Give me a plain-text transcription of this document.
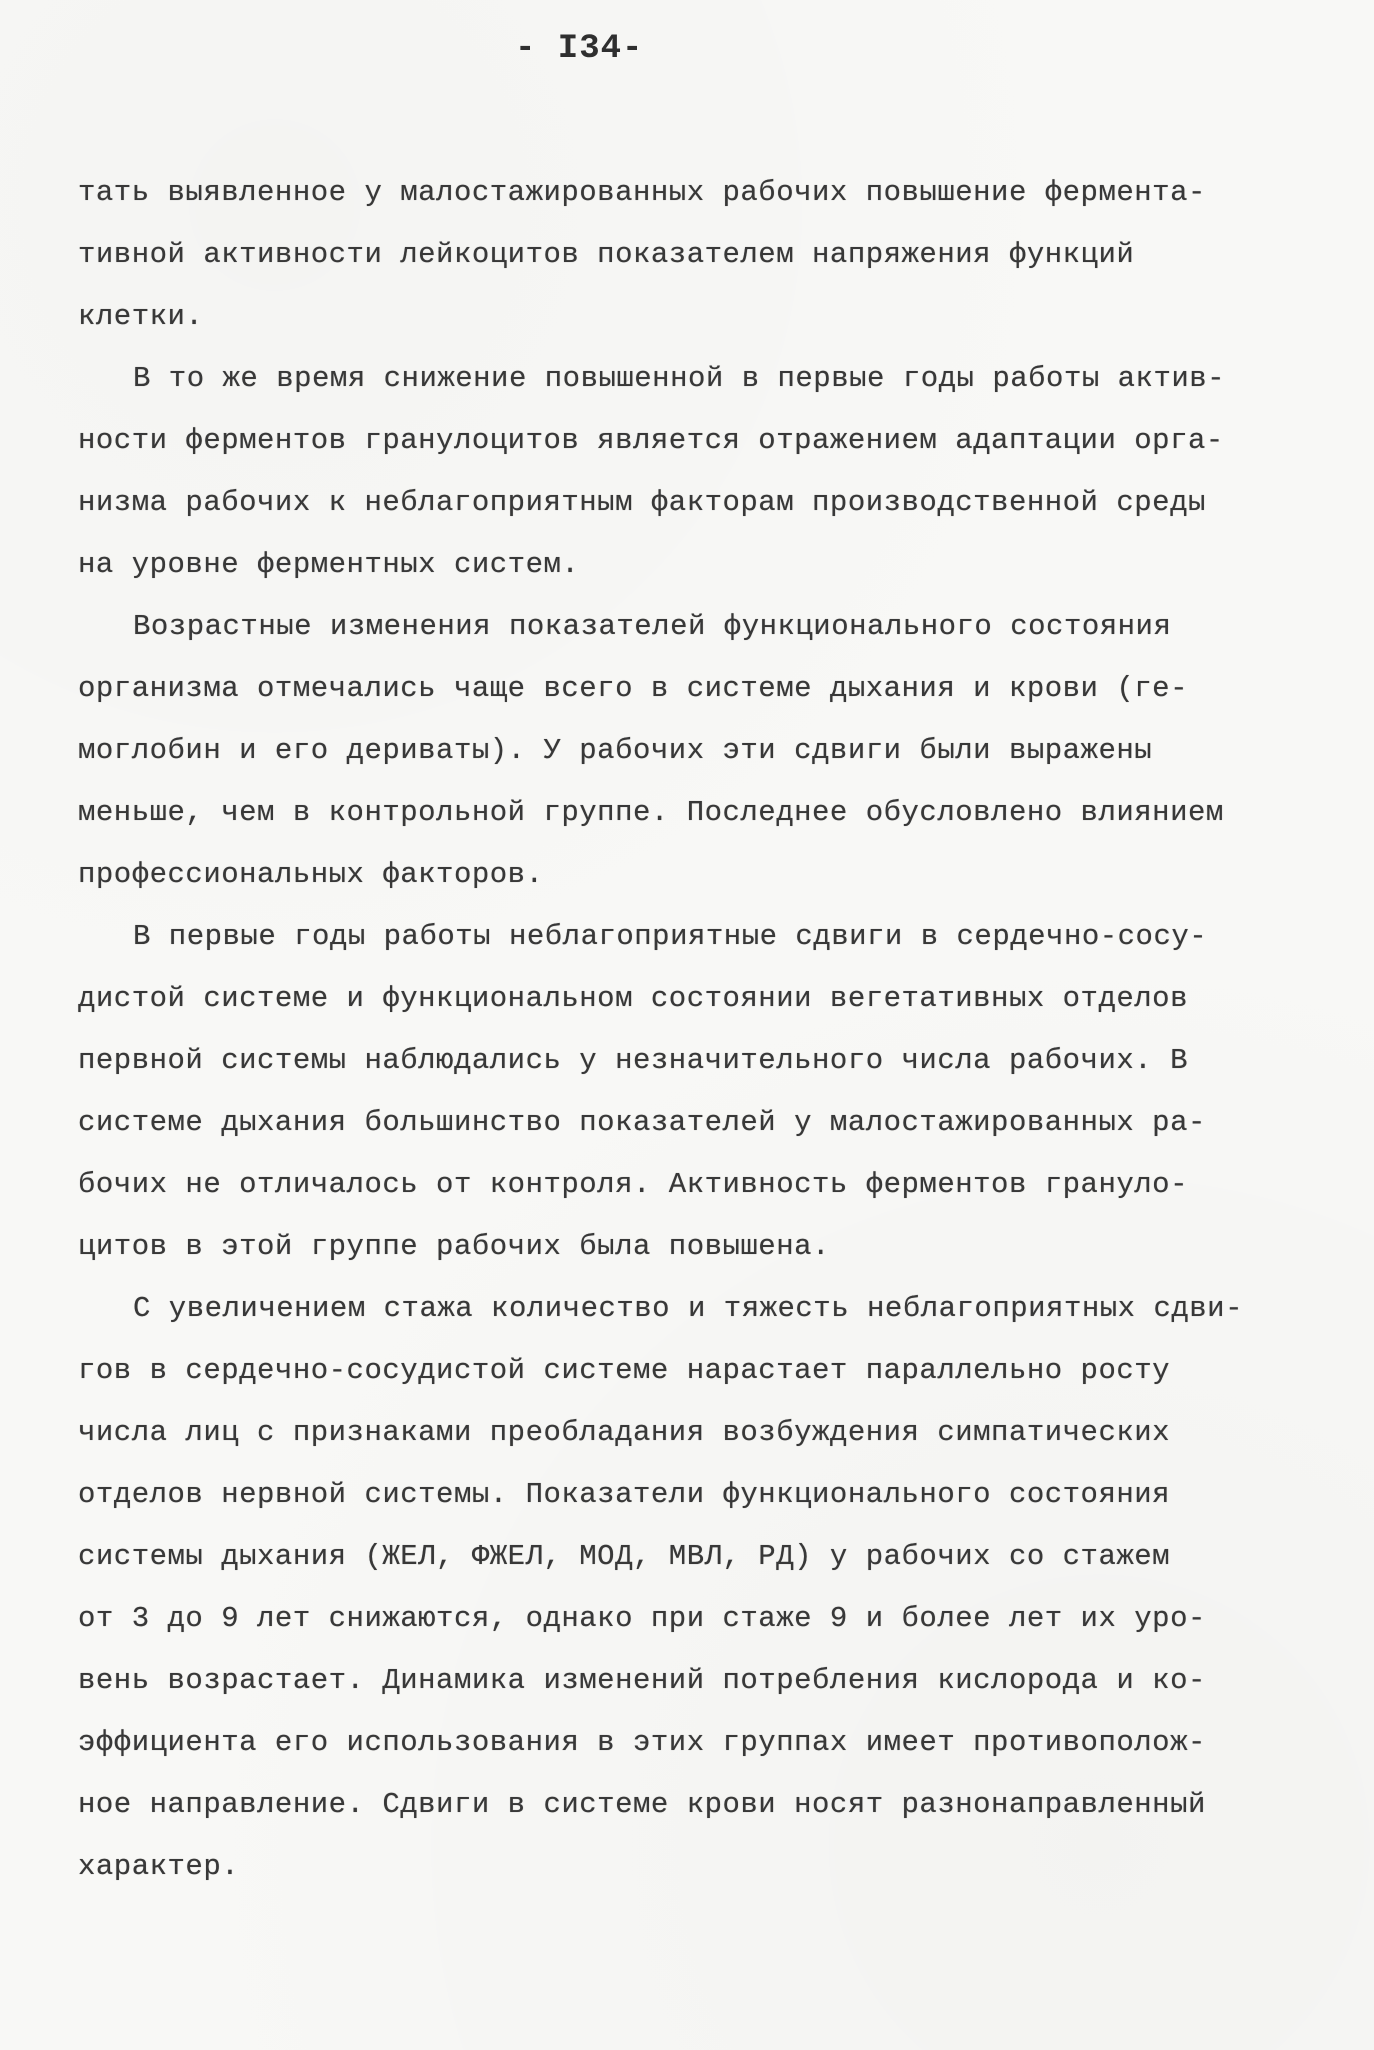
- I34-
тать выявленное у малостажированных рабочих повышение фермента-
тивной активности лейкоцитов показателем напряжения функций
клетки.
В то же время снижение повышенной в первые годы работы актив-
ности ферментов гранулоцитов является отражением адаптации орга-
низма рабочих к неблагоприятным факторам производственной среды
на уровне ферментных систем.
Возрастные изменения показателей функционального состояния
организма отмечались чаще всего в системе дыхания и крови (ге-
моглобин и его дериваты). У рабочих эти сдвиги были выражены
меньше, чем в контрольной группе. Последнее обусловлено влиянием
профессиональных факторов.
В первые годы работы неблагоприятные сдвиги в сердечно-сосу-
дистой системе и функциональном состоянии вегетативных отделов
первной системы наблюдались у незначительного числа рабочих. В
системе дыхания большинство показателей у малостажированных ра-
бочих не отличалось от контроля. Активность ферментов грануло-
цитов в этой группе рабочих была повышена.
С увеличением стажа количество и тяжесть неблагоприятных сдви-
гов в сердечно-сосудистой системе нарастает параллельно росту
числа лиц с признаками преобладания возбуждения симпатических
отделов нервной системы. Показатели функционального состояния
системы дыхания (ЖЕЛ, ФЖЕЛ, МОД, МВЛ, РД) у рабочих со стажем
от 3 до 9 лет снижаются, однако при стаже 9 и более лет их уро-
вень возрастает. Динамика изменений потребления кислорода и ко-
эффициента его использования в этих группах имеет противополож-
ное направление. Сдвиги в системе крови носят разнонаправленный
характер.
